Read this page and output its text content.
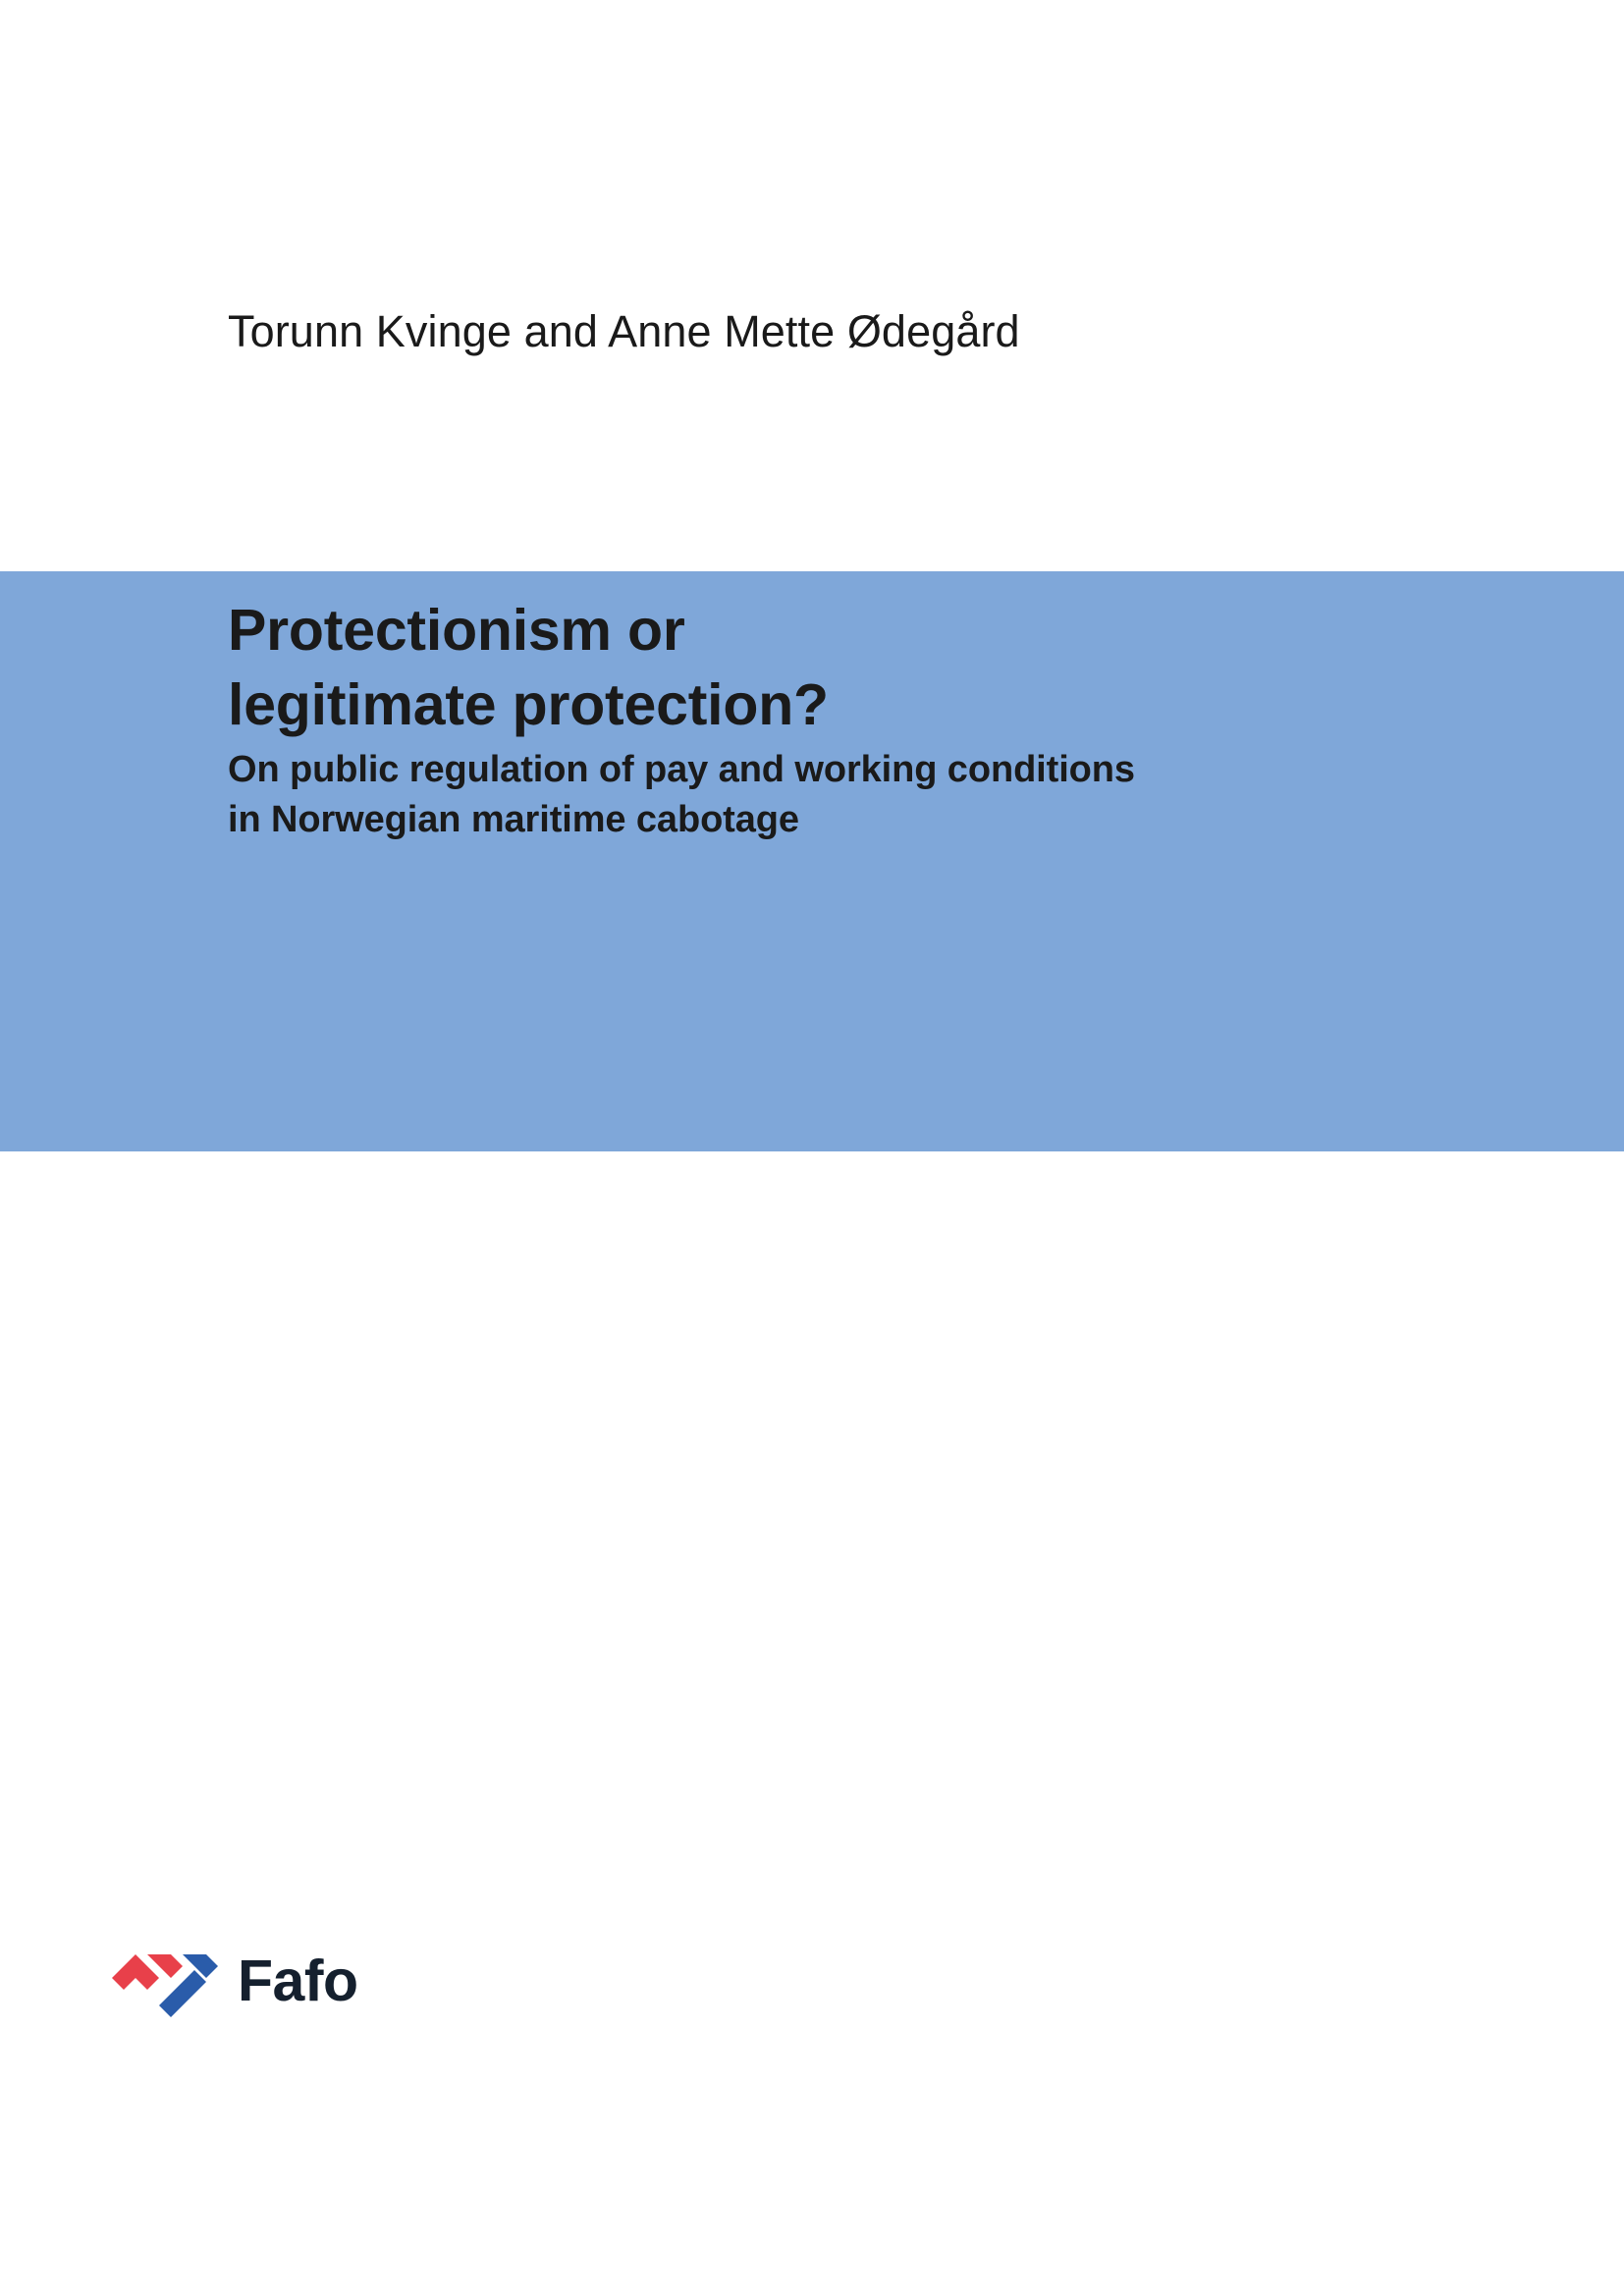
Torunn Kvinge and Anne Mette Ødegård
Protectionism or
legitimate protection?
On public regulation of pay and working conditions
in Norwegian maritime cabotage
Fafo
